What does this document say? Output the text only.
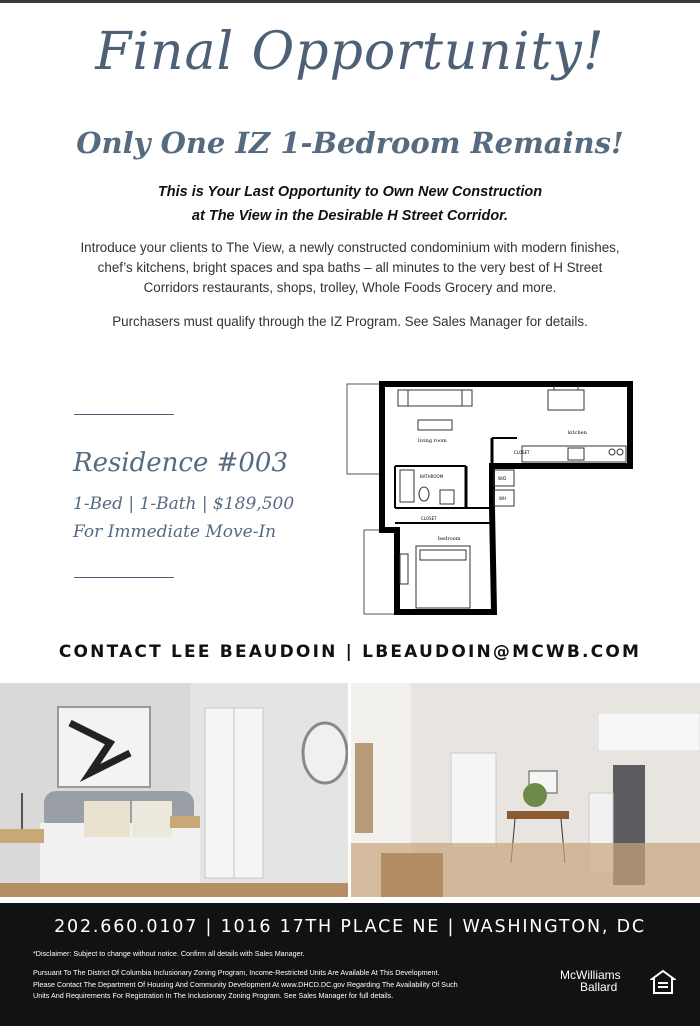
Final Opportunity!
Only One IZ 1-Bedroom Remains!
This is Your Last Opportunity to Own New Construction
at The View in the Desirable H Street Corridor.
Introduce your clients to The View, a newly constructed condominium with modern finishes,
chef’s kitchens, bright spaces and spa baths – all minutes to the very best of H Street
Corridors restaurants, shops, trolley, Whole Foods Grocery and more.
Purchasers must qualify through the IZ Program. See Sales Manager for details.
Residence #003
1-Bed | 1-Bath | $189,500
For Immediate Move-In
living room
kitchen
BATHROOM
CLOSET
CLOSET
bedroom
W/D
WH
CONTACT LEE BEAUDOIN | LBEAUDOIN@MCWB.COM
202.660.0107 | 1016 17TH PLACE NE | WASHINGTON, DC
*Disclaimer: Subject to change without notice. Confirm all details with Sales Manager.
Pursuant To The District Of Columbia Inclusionary Zoning Program, Income-Restricted Units Are Available At This Development.
Please Contact The Department Of Housing And Community Development At www.DHCD.DC.gov Regarding The Availability Of Such
Units And Requirements For Registration In The Inclusionary Zoning Program. See Sales Manager for full details.
McWilliams
Ballard
